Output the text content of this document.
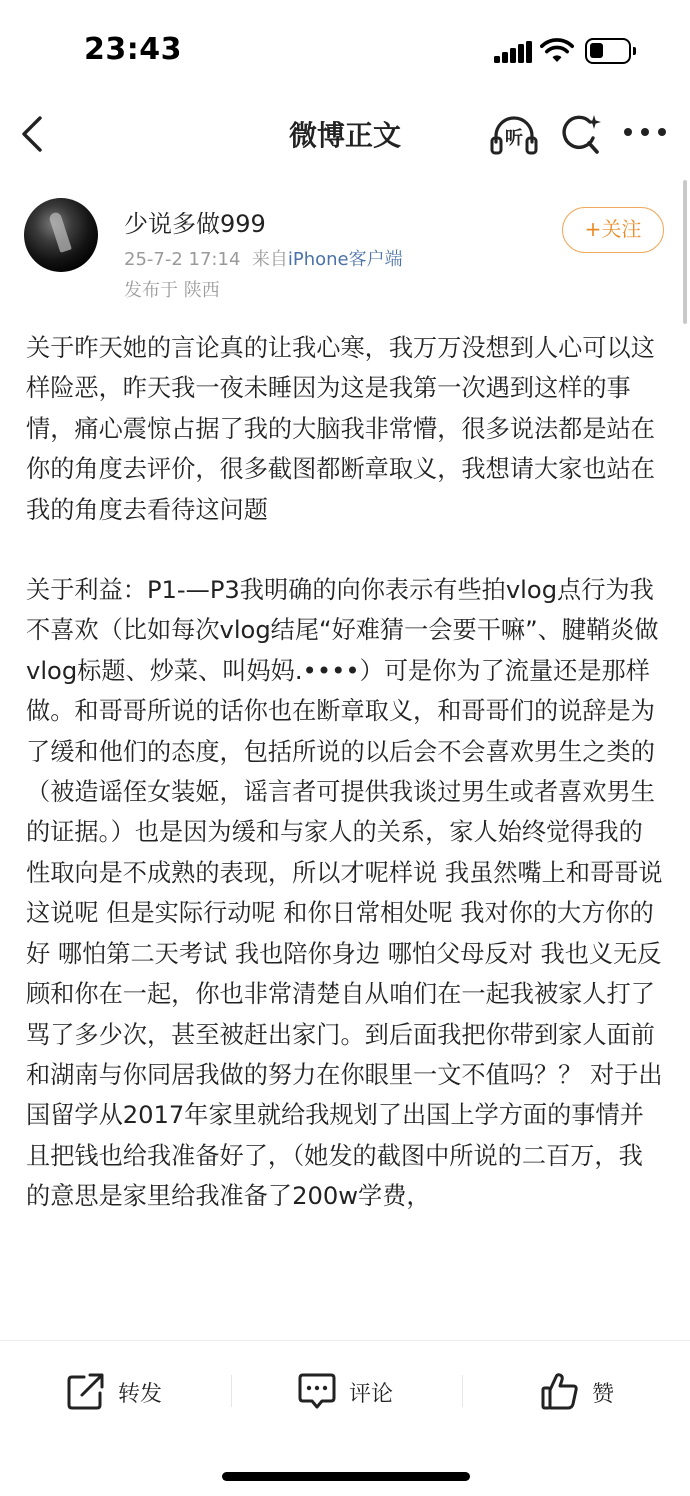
23:43
微博正文	听
少说多做999
25-7-2 17:14 来自iPhone客户端
发布于 陕西
+关注

关于昨天她的言论真的让我心寒，我万万没想到人心可以这样险恶，昨天我一夜未睡因为这是我第一次遇到这样的事情，痛心震惊占据了我的大脑我非常懵，很多说法都是站在你的角度去评价，很多截图都断章取义，我想请大家也站在我的角度去看待这问题

关于利益：P1-—P3我明确的向你表示有些拍vlog点行为我不喜欢（比如每次vlog结尾“好难猜一会要干嘛”、腱鞘炎做vlog标题、炒菜、叫妈妈.••••）可是你为了流量还是那样做。和哥哥所说的话你也在断章取义，和哥哥们的说辞是为了缓和他们的态度，包括所说的以后会不会喜欢男生之类的（被造谣侄女装姬，谣言者可提供我谈过男生或者喜欢男生的证据。）也是因为缓和与家人的关系，家人始终觉得我的性取向是不成熟的表现，所以才呢样说 我虽然嘴上和哥哥说这说呢 但是实际行动呢 和你日常相处呢 我对你的大方你的好 哪怕第二天考试 我也陪你身边 哪怕父母反对 我也义无反顾和你在一起，你也非常清楚自从咱们在一起我被家人打了骂了多少次，甚至被赶出家门。到后面我把你带到家人面前和湖南与你同居我做的努力在你眼里一文不值吗？？ 对于出国留学从2017年家里就给我规划了出国上学方面的事情并且把钱也给我准备好了，（她发的截图中所说的二百万，我的意思是家里给我准备了200w学费，

转发	评论	赞
